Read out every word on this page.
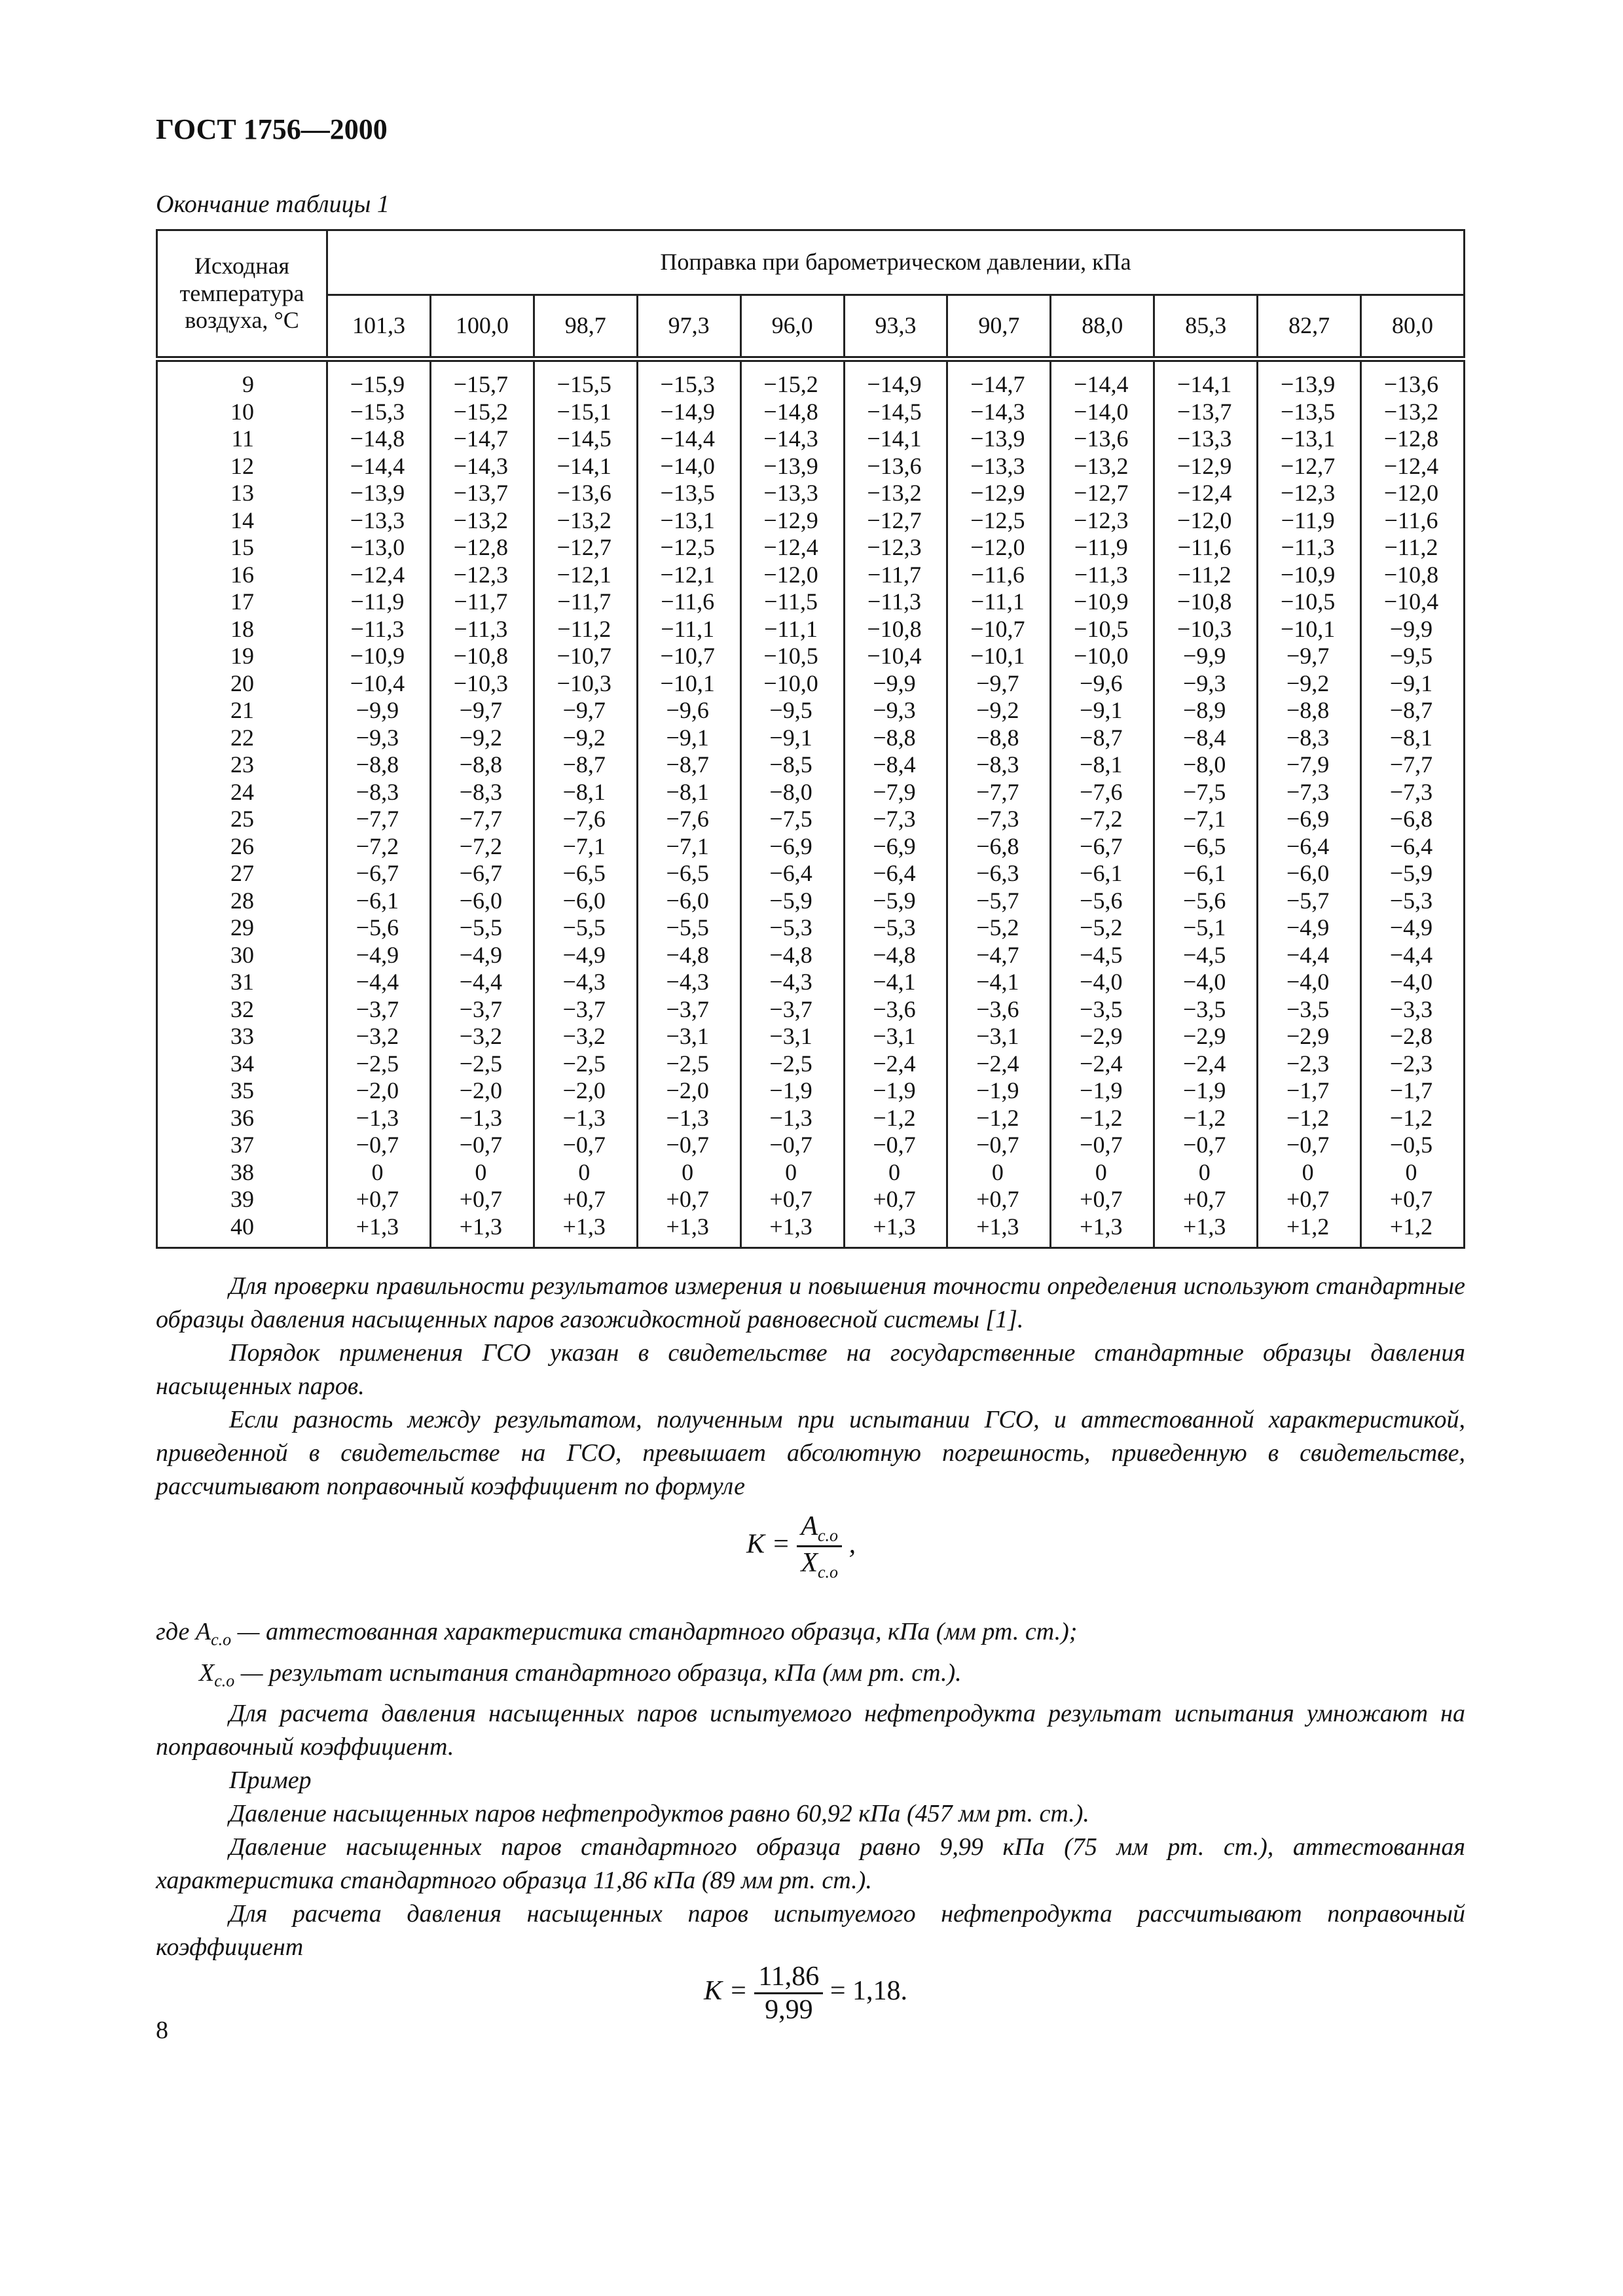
ГОСТ 1756—2000
Окончание таблицы 1
Исходная температура воздуха, °С	Поправка при барометрическом давлении, кПа										
	101,3	100,0	98,7	97,3	96,0	93,3	90,7	88,0	85,3	82,7	80,0
9	−15,9	−15,7	−15,5	−15,3	−15,2	−14,9	−14,7	−14,4	−14,1	−13,9	−13,6
10	−15,3	−15,2	−15,1	−14,9	−14,8	−14,5	−14,3	−14,0	−13,7	−13,5	−13,2
11	−14,8	−14,7	−14,5	−14,4	−14,3	−14,1	−13,9	−13,6	−13,3	−13,1	−12,8
12	−14,4	−14,3	−14,1	−14,0	−13,9	−13,6	−13,3	−13,2	−12,9	−12,7	−12,4
13	−13,9	−13,7	−13,6	−13,5	−13,3	−13,2	−12,9	−12,7	−12,4	−12,3	−12,0
14	−13,3	−13,2	−13,2	−13,1	−12,9	−12,7	−12,5	−12,3	−12,0	−11,9	−11,6
15	−13,0	−12,8	−12,7	−12,5	−12,4	−12,3	−12,0	−11,9	−11,6	−11,3	−11,2
16	−12,4	−12,3	−12,1	−12,1	−12,0	−11,7	−11,6	−11,3	−11,2	−10,9	−10,8
17	−11,9	−11,7	−11,7	−11,6	−11,5	−11,3	−11,1	−10,9	−10,8	−10,5	−10,4
18	−11,3	−11,3	−11,2	−11,1	−11,1	−10,8	−10,7	−10,5	−10,3	−10,1	−9,9
19	−10,9	−10,8	−10,7	−10,7	−10,5	−10,4	−10,1	−10,0	−9,9	−9,7	−9,5
20	−10,4	−10,3	−10,3	−10,1	−10,0	−9,9	−9,7	−9,6	−9,3	−9,2	−9,1
21	−9,9	−9,7	−9,7	−9,6	−9,5	−9,3	−9,2	−9,1	−8,9	−8,8	−8,7
22	−9,3	−9,2	−9,2	−9,1	−9,1	−8,8	−8,8	−8,7	−8,4	−8,3	−8,1
23	−8,8	−8,8	−8,7	−8,7	−8,5	−8,4	−8,3	−8,1	−8,0	−7,9	−7,7
24	−8,3	−8,3	−8,1	−8,1	−8,0	−7,9	−7,7	−7,6	−7,5	−7,3	−7,3
25	−7,7	−7,7	−7,6	−7,6	−7,5	−7,3	−7,3	−7,2	−7,1	−6,9	−6,8
26	−7,2	−7,2	−7,1	−7,1	−6,9	−6,9	−6,8	−6,7	−6,5	−6,4	−6,4
27	−6,7	−6,7	−6,5	−6,5	−6,4	−6,4	−6,3	−6,1	−6,1	−6,0	−5,9
28	−6,1	−6,0	−6,0	−6,0	−5,9	−5,9	−5,7	−5,6	−5,6	−5,7	−5,3
29	−5,6	−5,5	−5,5	−5,5	−5,3	−5,3	−5,2	−5,2	−5,1	−4,9	−4,9
30	−4,9	−4,9	−4,9	−4,8	−4,8	−4,8	−4,7	−4,5	−4,5	−4,4	−4,4
31	−4,4	−4,4	−4,3	−4,3	−4,3	−4,1	−4,1	−4,0	−4,0	−4,0	−4,0
32	−3,7	−3,7	−3,7	−3,7	−3,7	−3,6	−3,6	−3,5	−3,5	−3,5	−3,3
33	−3,2	−3,2	−3,2	−3,1	−3,1	−3,1	−3,1	−2,9	−2,9	−2,9	−2,8
34	−2,5	−2,5	−2,5	−2,5	−2,5	−2,4	−2,4	−2,4	−2,4	−2,3	−2,3
35	−2,0	−2,0	−2,0	−2,0	−1,9	−1,9	−1,9	−1,9	−1,9	−1,7	−1,7
36	−1,3	−1,3	−1,3	−1,3	−1,3	−1,2	−1,2	−1,2	−1,2	−1,2	−1,2
37	−0,7	−0,7	−0,7	−0,7	−0,7	−0,7	−0,7	−0,7	−0,7	−0,7	−0,5
38	0	0	0	0	0	0	0	0	0	0	0
39	+0,7	+0,7	+0,7	+0,7	+0,7	+0,7	+0,7	+0,7	+0,7	+0,7	+0,7
40	+1,3	+1,3	+1,3	+1,3	+1,3	+1,3	+1,3	+1,3	+1,3	+1,2	+1,2

Для проверки правильности результатов измерения и повышения точности определения используют стандартные образцы давления насыщенных паров газожидкостной равновесной системы [1].

Порядок применения ГСО указан в свидетельстве на государственные стандартные образцы давления насыщенных паров.

Если разность между результатом, полученным при испытании ГСО, и аттестованной характеристикой, приведенной в свидетельстве на ГСО, превышает абсолютную погрешность, приведенную в свидетельстве, рассчитывают поправочный коэффициент по формуле

$K = \frac{A_{с.о}}{X_{с.о}}$ ,

где $A_{с.о}$ — аттестованная характеристика стандартного образца, кПа (мм рт. ст.);

$X_{с.о}$ — результат испытания стандартного образца, кПа (мм рт. ст.).

Для расчета давления насыщенных паров испытуемого нефтепродукта результат испытания умножают на поправочный коэффициент.

Пример

Давление насыщенных паров нефтепродуктов равно 60,92 кПа (457 мм рт. ст.).

Давление насыщенных паров стандартного образца равно 9,99 кПа (75 мм рт. ст.), аттестованная характеристика стандартного образца 11,86 кПа (89 мм рт. ст.).

Для расчета давления насыщенных паров испытуемого нефтепродукта рассчитывают поправочный коэффициент

$K = \frac{11,86}{9,99} = 1,18$.
8
